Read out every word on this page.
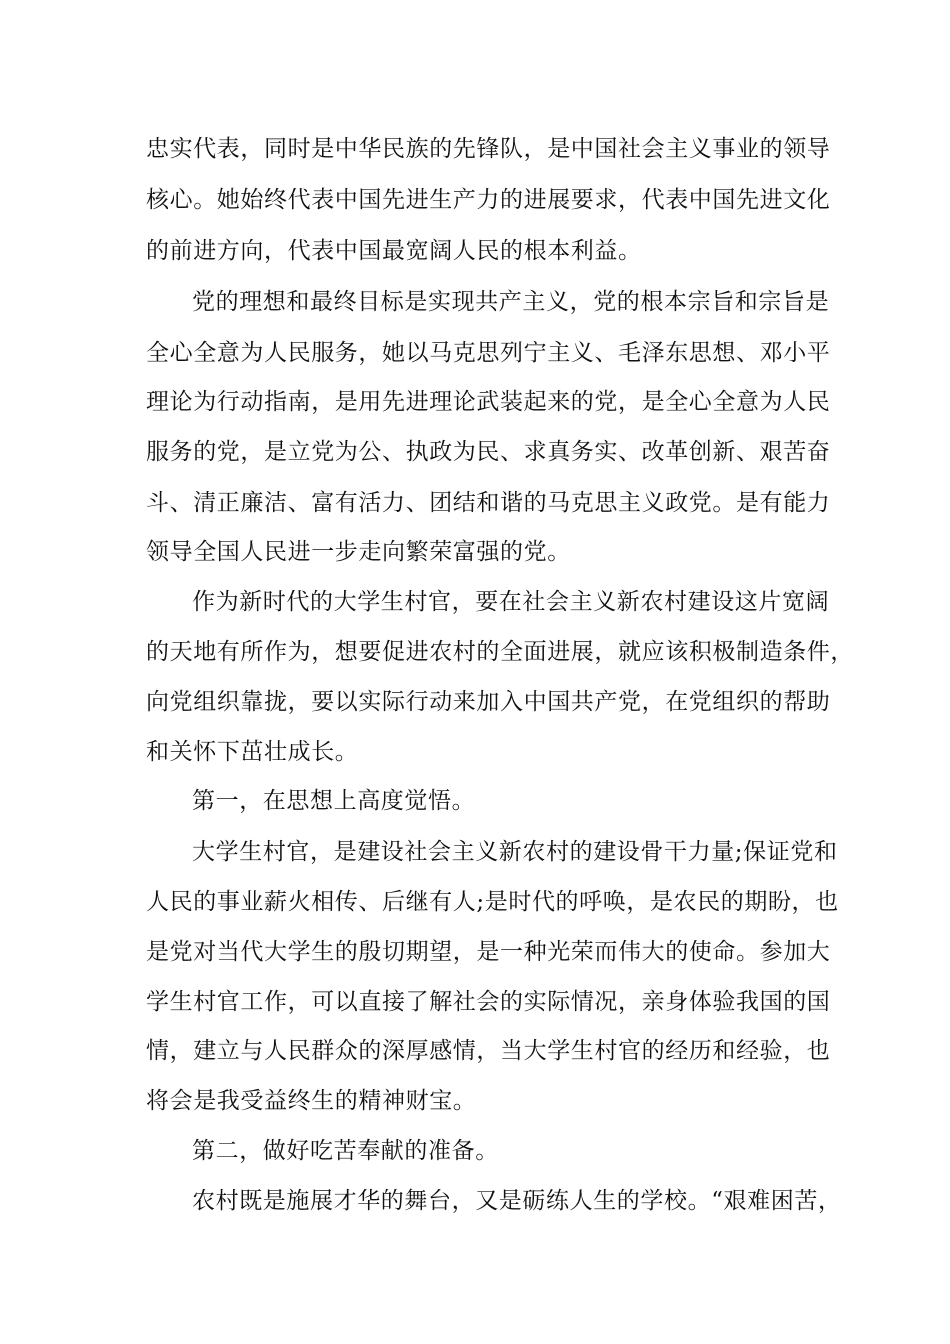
忠实代表，同时是中华民族的先锋队，是中国社会主义事业的领导
核心。她始终代表中国先进生产力的进展要求，代表中国先进文化
的前进方向，代表中国最宽阔人民的根本利益。
党的理想和最终目标是实现共产主义，党的根本宗旨和宗旨是
全心全意为人民服务，她以马克思列宁主义、毛泽东思想、邓小平
理论为行动指南，是用先进理论武装起来的党，是全心全意为人民
服务的党，是立党为公、执政为民、求真务实、改革创新、艰苦奋
斗、清正廉洁、富有活力、团结和谐的马克思主义政党。是有能力
领导全国人民进一步走向繁荣富强的党。
作为新时代的大学生村官，要在社会主义新农村建设这片宽阔
的天地有所作为，想要促进农村的全面进展，就应该积极制造条件，
向党组织靠拢，要以实际行动来加入中国共产党，在党组织的帮助
和关怀下茁壮成长。
第一，在思想上高度觉悟。
大学生村官，是建设社会主义新农村的建设骨干力量;保证党和
人民的事业薪火相传、后继有人;是时代的呼唤，是农民的期盼，也
是党对当代大学生的殷切期望，是一种光荣而伟大的使命。参加大
学生村官工作，可以直接了解社会的实际情况，亲身体验我国的国
情，建立与人民群众的深厚感情，当大学生村官的经历和经验，也
将会是我受益终生的精神财宝。
第二，做好吃苦奉献的准备。
农村既是施展才华的舞台，又是砺练人生的学校。“艰难困苦，
